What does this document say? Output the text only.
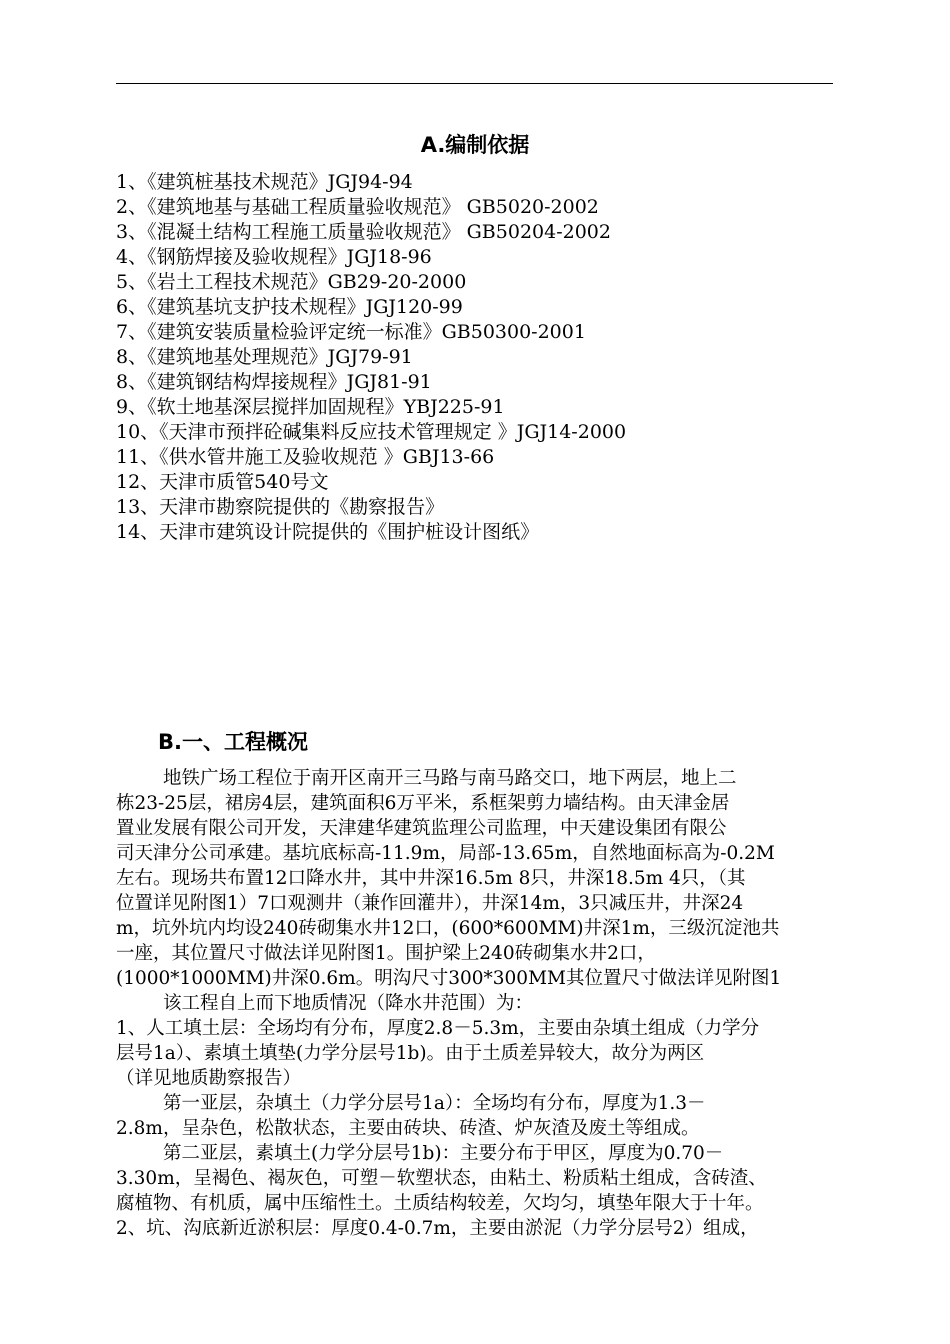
A.编制依据
1、《建筑桩基技术规范》JGJ94-94
2、《建筑地基与基础工程质量验收规范》 GB5020-2002
3、《混凝土结构工程施工质量验收规范》 GB50204-2002
4、《钢筋焊接及验收规程》JGJ18-96
5、《岩土工程技术规范》GB29-20-2000
6、《建筑基坑支护技术规程》JGJ120-99
7、《建筑安装质量检验评定统一标准》GB50300-2001
8、《建筑地基处理规范》JGJ79-91
8、《建筑钢结构焊接规程》JGJ81-91
9、《软土地基深层搅拌加固规程》YBJ225-91
10、《天津市预拌砼碱集料反应技术管理规定 》JGJ14-2000
11、《供水管井施工及验收规范 》GBJ13-66
12、天津市质管540号文
13、天津市勘察院提供的《勘察报告》
14、天津市建筑设计院提供的《围护桩设计图纸》
B.一、工程概况
地铁广场工程位于南开区南开三马路与南马路交口，地下两层，地上二
栋23-25层，裙房4层，建筑面积6万平米，系框架剪力墙结构。由天津金居
置业发展有限公司开发，天津建华建筑监理公司监理，中天建设集团有限公
司天津分公司承建。基坑底标高-11.9m，局部-13.65m，自然地面标高为-0.2M
左右。现场共布置12口降水井，其中井深16.5m 8只，井深18.5m 4只，（其
位置详见附图1）7口观测井（兼作回灌井），井深14m，3只减压井，井深24
m，坑外坑内均设240砖砌集水井12口，(600*600MM)井深1m，三级沉淀池共
一座，其位置尺寸做法详见附图1。围护梁上240砖砌集水井2口，
(1000*1000MM)井深0.6m。明沟尺寸300*300MM其位置尺寸做法详见附图1
该工程自上而下地质情况（降水井范围）为：
1、人工填土层：全场均有分布，厚度2.8－5.3m，主要由杂填土组成（力学分
层号1a）、素填土填垫(力学分层号1b)。由于土质差异较大，故分为两区
（详见地质勘察报告）
第一亚层，杂填土（力学分层号1a）：全场均有分布，厚度为1.3－
2.8m，呈杂色，松散状态，主要由砖块、砖渣、炉灰渣及废土等组成。
第二亚层，素填土(力学分层号1b)：主要分布于甲区，厚度为0.70－
3.30m，呈褐色、褐灰色，可塑－软塑状态，由粘土、粉质粘土组成，含砖渣、
腐植物、有机质，属中压缩性土。土质结构较差，欠均匀，填垫年限大于十年。
2、坑、沟底新近淤积层：厚度0.4-0.7m，主要由淤泥（力学分层号2）组成，
